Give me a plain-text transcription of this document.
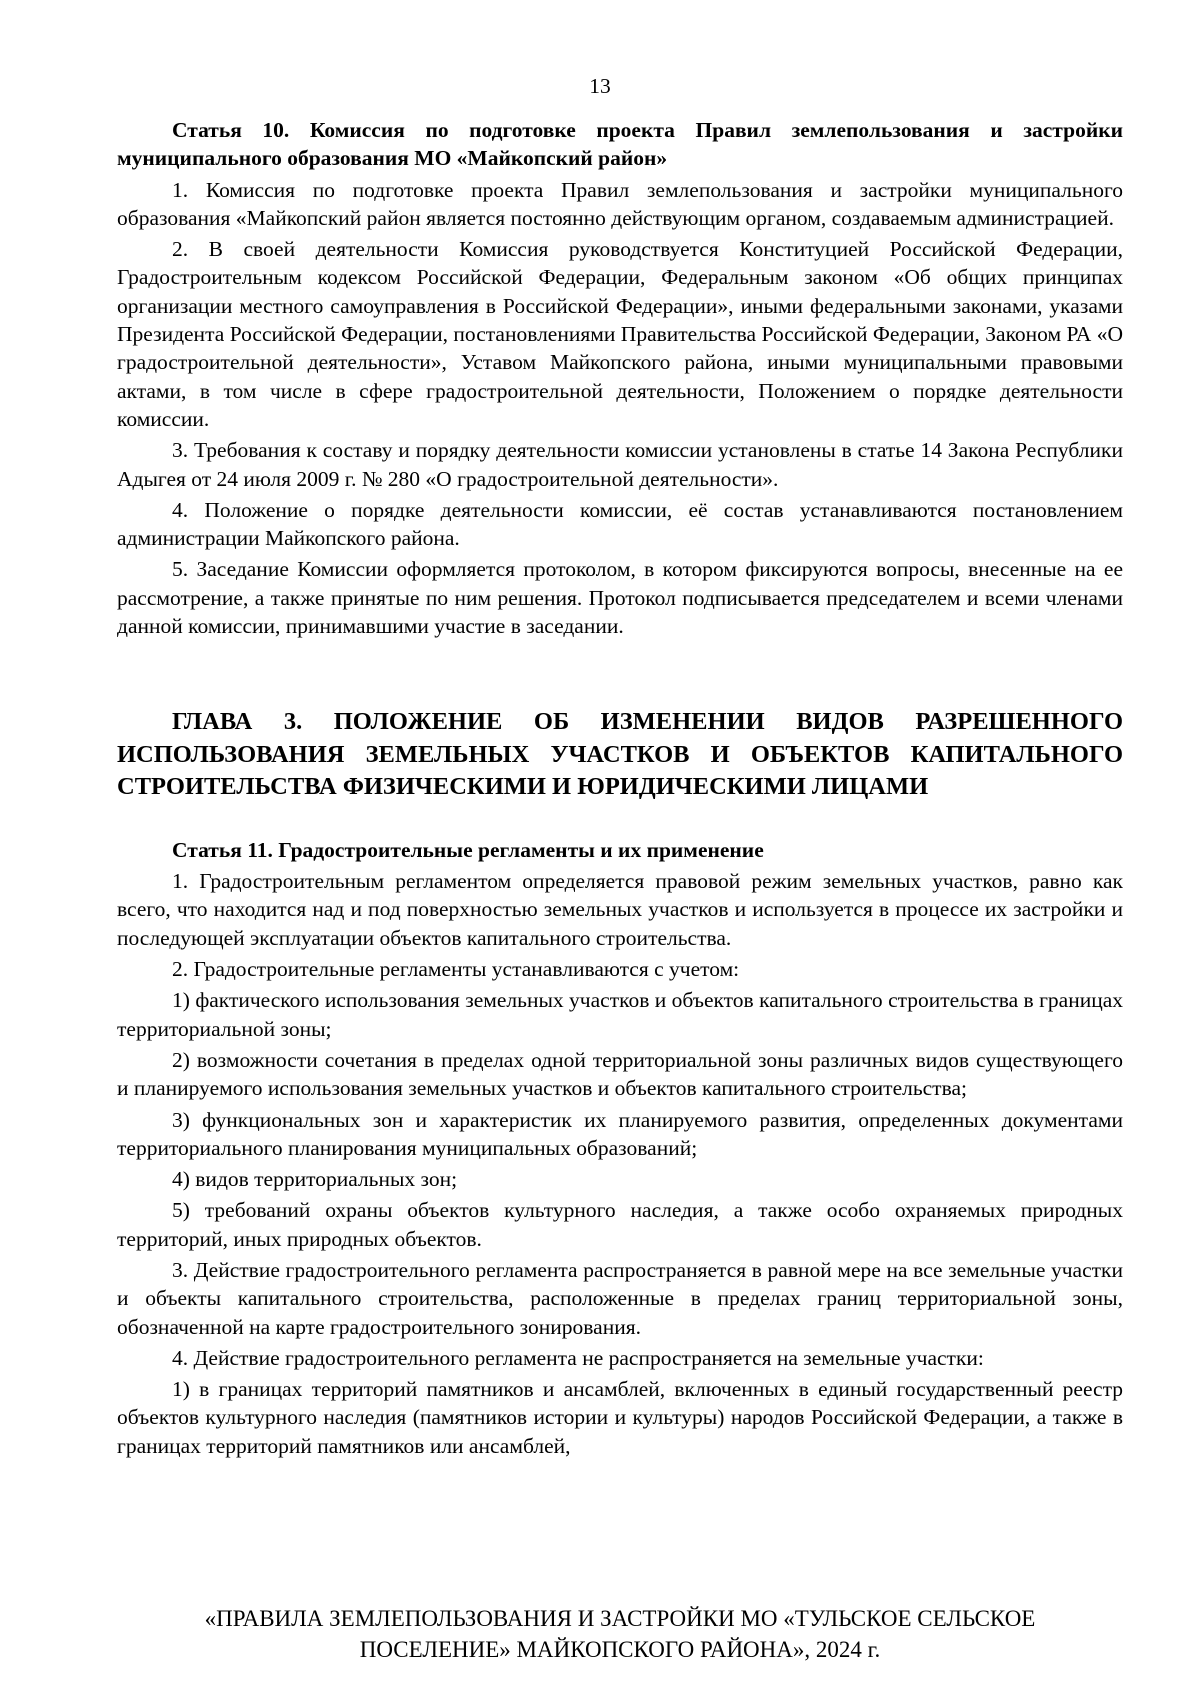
13
Статья 10. Комиссия по подготовке проекта Правил землепользования и застройки муниципального образования МО «Майкопский район»

1. Комиссия по подготовке проекта Правил землепользования и застройки муниципального образования «Майкопский район является постоянно действующим органом, создаваемым администрацией.

2. В своей деятельности Комиссия руководствуется Конституцией Российской Федерации, Градостроительным кодексом Российской Федерации, Федеральным законом «Об общих принципах организации местного самоуправления в Российской Федерации», иными федеральными законами, указами Президента Российской Федерации, постановлениями Правительства Российской Федерации, Законом РА «О градостроительной деятельности», Уставом Майкопского района, иными муниципальными правовыми актами, в том числе в сфере градостроительной деятельности, Положением о порядке деятельности комиссии.

3. Требования к составу и порядку деятельности комиссии установлены в статье 14 Закона Республики Адыгея от 24 июля 2009 г. № 280 «О градостроительной деятельности».

4. Положение о порядке деятельности комиссии, её состав устанавливаются постановлением администрации Майкопского района.

5. Заседание Комиссии оформляется протоколом, в котором фиксируются вопросы, внесенные на ее рассмотрение, а также принятые по ним решения. Протокол подписывается председателем и всеми членами данной комиссии, принимавшими участие в заседании.

ГЛАВА 3. ПОЛОЖЕНИЕ ОБ ИЗМЕНЕНИИ ВИДОВ РАЗРЕШЕННОГО ИСПОЛЬЗОВАНИЯ ЗЕМЕЛЬНЫХ УЧАСТКОВ И ОБЪЕКТОВ КАПИТАЛЬНОГО СТРОИТЕЛЬСТВА ФИЗИЧЕСКИМИ И ЮРИДИЧЕСКИМИ ЛИЦАМИ
Статья 11. Градостроительные регламенты и их применение

1. Градостроительным регламентом определяется правовой режим земельных участков, равно как всего, что находится над и под поверхностью земельных участков и используется в процессе их застройки и последующей эксплуатации объектов капитального строительства.

2. Градостроительные регламенты устанавливаются с учетом:

1) фактического использования земельных участков и объектов капитального строительства в границах территориальной зоны;

2) возможности сочетания в пределах одной территориальной зоны различных видов существующего и планируемого использования земельных участков и объектов капитального строительства;

3) функциональных зон и характеристик их планируемого развития, определенных документами территориального планирования муниципальных образований;

4) видов территориальных зон;

5) требований охраны объектов культурного наследия, а также особо охраняемых природных территорий, иных природных объектов.

3. Действие градостроительного регламента распространяется в равной мере на все земельные участки и объекты капитального строительства, расположенные в пределах границ территориальной зоны, обозначенной на карте градостроительного зонирования.

4. Действие градостроительного регламента не распространяется на земельные участки:

1) в границах территорий памятников и ансамблей, включенных в единый государственный реестр объектов культурного наследия (памятников истории и культуры) народов Российской Федерации, а также в границах территорий памятников или ансамблей,

«ПРАВИЛА ЗЕМЛЕПОЛЬЗОВАНИЯ И ЗАСТРОЙКИ МО «ТУЛЬСКОЕ СЕЛЬСКОЕ
ПОСЕЛЕНИЕ» МАЙКОПСКОГО РАЙОНА», 2024 г.
